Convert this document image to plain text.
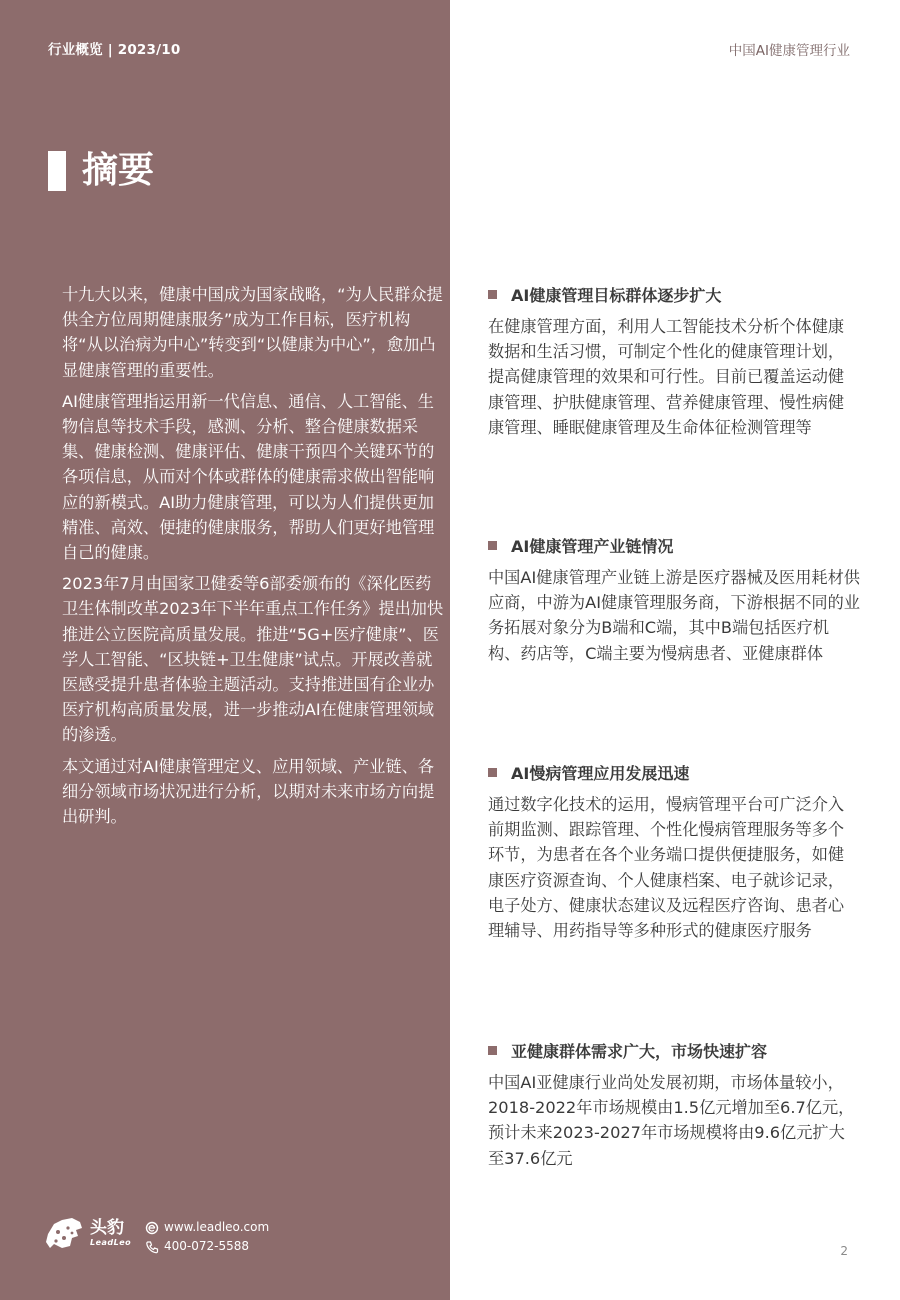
行业概览 | 2023/10	中国AI健康管理行业
摘要

十九大以来，健康中国成为国家战略，“为人民群众提供全方位周期健康服务”成为工作目标，医疗机构将“从以治病为中心”转变到“以健康为中心”，愈加凸显健康管理的重要性。

AI健康管理指运用新一代信息、通信、人工智能、生物信息等技术手段，感测、分析、整合健康数据采集、健康检测、健康评估、健康干预四个关键环节的各项信息，从而对个体或群体的健康需求做出智能响应的新模式。AI助力健康管理，可以为人们提供更加精准、高效、便捷的健康服务，帮助人们更好地管理自己的健康。

2023年7月由国家卫健委等6部委颁布的《深化医药卫生体制改革2023年下半年重点工作任务》提出加快推进公立医院高质量发展。推进“5G+医疗健康”、医学人工智能、“区块链+卫生健康”试点。开展改善就医感受提升患者体验主题活动。支持推进国有企业办医疗机构高质量发展，进一步推动AI在健康管理领域的渗透。

本文通过对AI健康管理定义、应用领域、产业链、各细分领域市场状况进行分析，以期对未来市场方向提出研判。

AI健康管理目标群体逐步扩大
在健康管理方面，利用人工智能技术分析个体健康数据和生活习惯，可制定个性化的健康管理计划，提高健康管理的效果和可行性。目前已覆盖运动健康管理、护肤健康管理、营养健康管理、慢性病健康管理、睡眠健康管理及生命体征检测管理等
AI健康管理产业链情况
中国AI健康管理产业链上游是医疗器械及医用耗材供应商，中游为AI健康管理服务商，下游根据不同的业务拓展对象分为B端和C端，其中B端包括医疗机构、药店等，C端主要为慢病患者、亚健康群体
AI慢病管理应用发展迅速
通过数字化技术的运用，慢病管理平台可广泛介入前期监测、跟踪管理、个性化慢病管理服务等多个环节，为患者在各个业务端口提供便捷服务，如健康医疗资源查询、个人健康档案、电子就诊记录，电子处方、健康状态建议及远程医疗咨询、患者心理辅导、用药指导等多种形式的健康医疗服务
亚健康群体需求广大，市场快速扩容
中国AI亚健康行业尚处发展初期，市场体量较小，2018-2022年市场规模由1.5亿元增加至6.7亿元，预计未来2023-2027年市场规模将由9.6亿元扩大至37.6亿元
头豹
LeadLeo
www.leadleo.com
400-072-5588	2
